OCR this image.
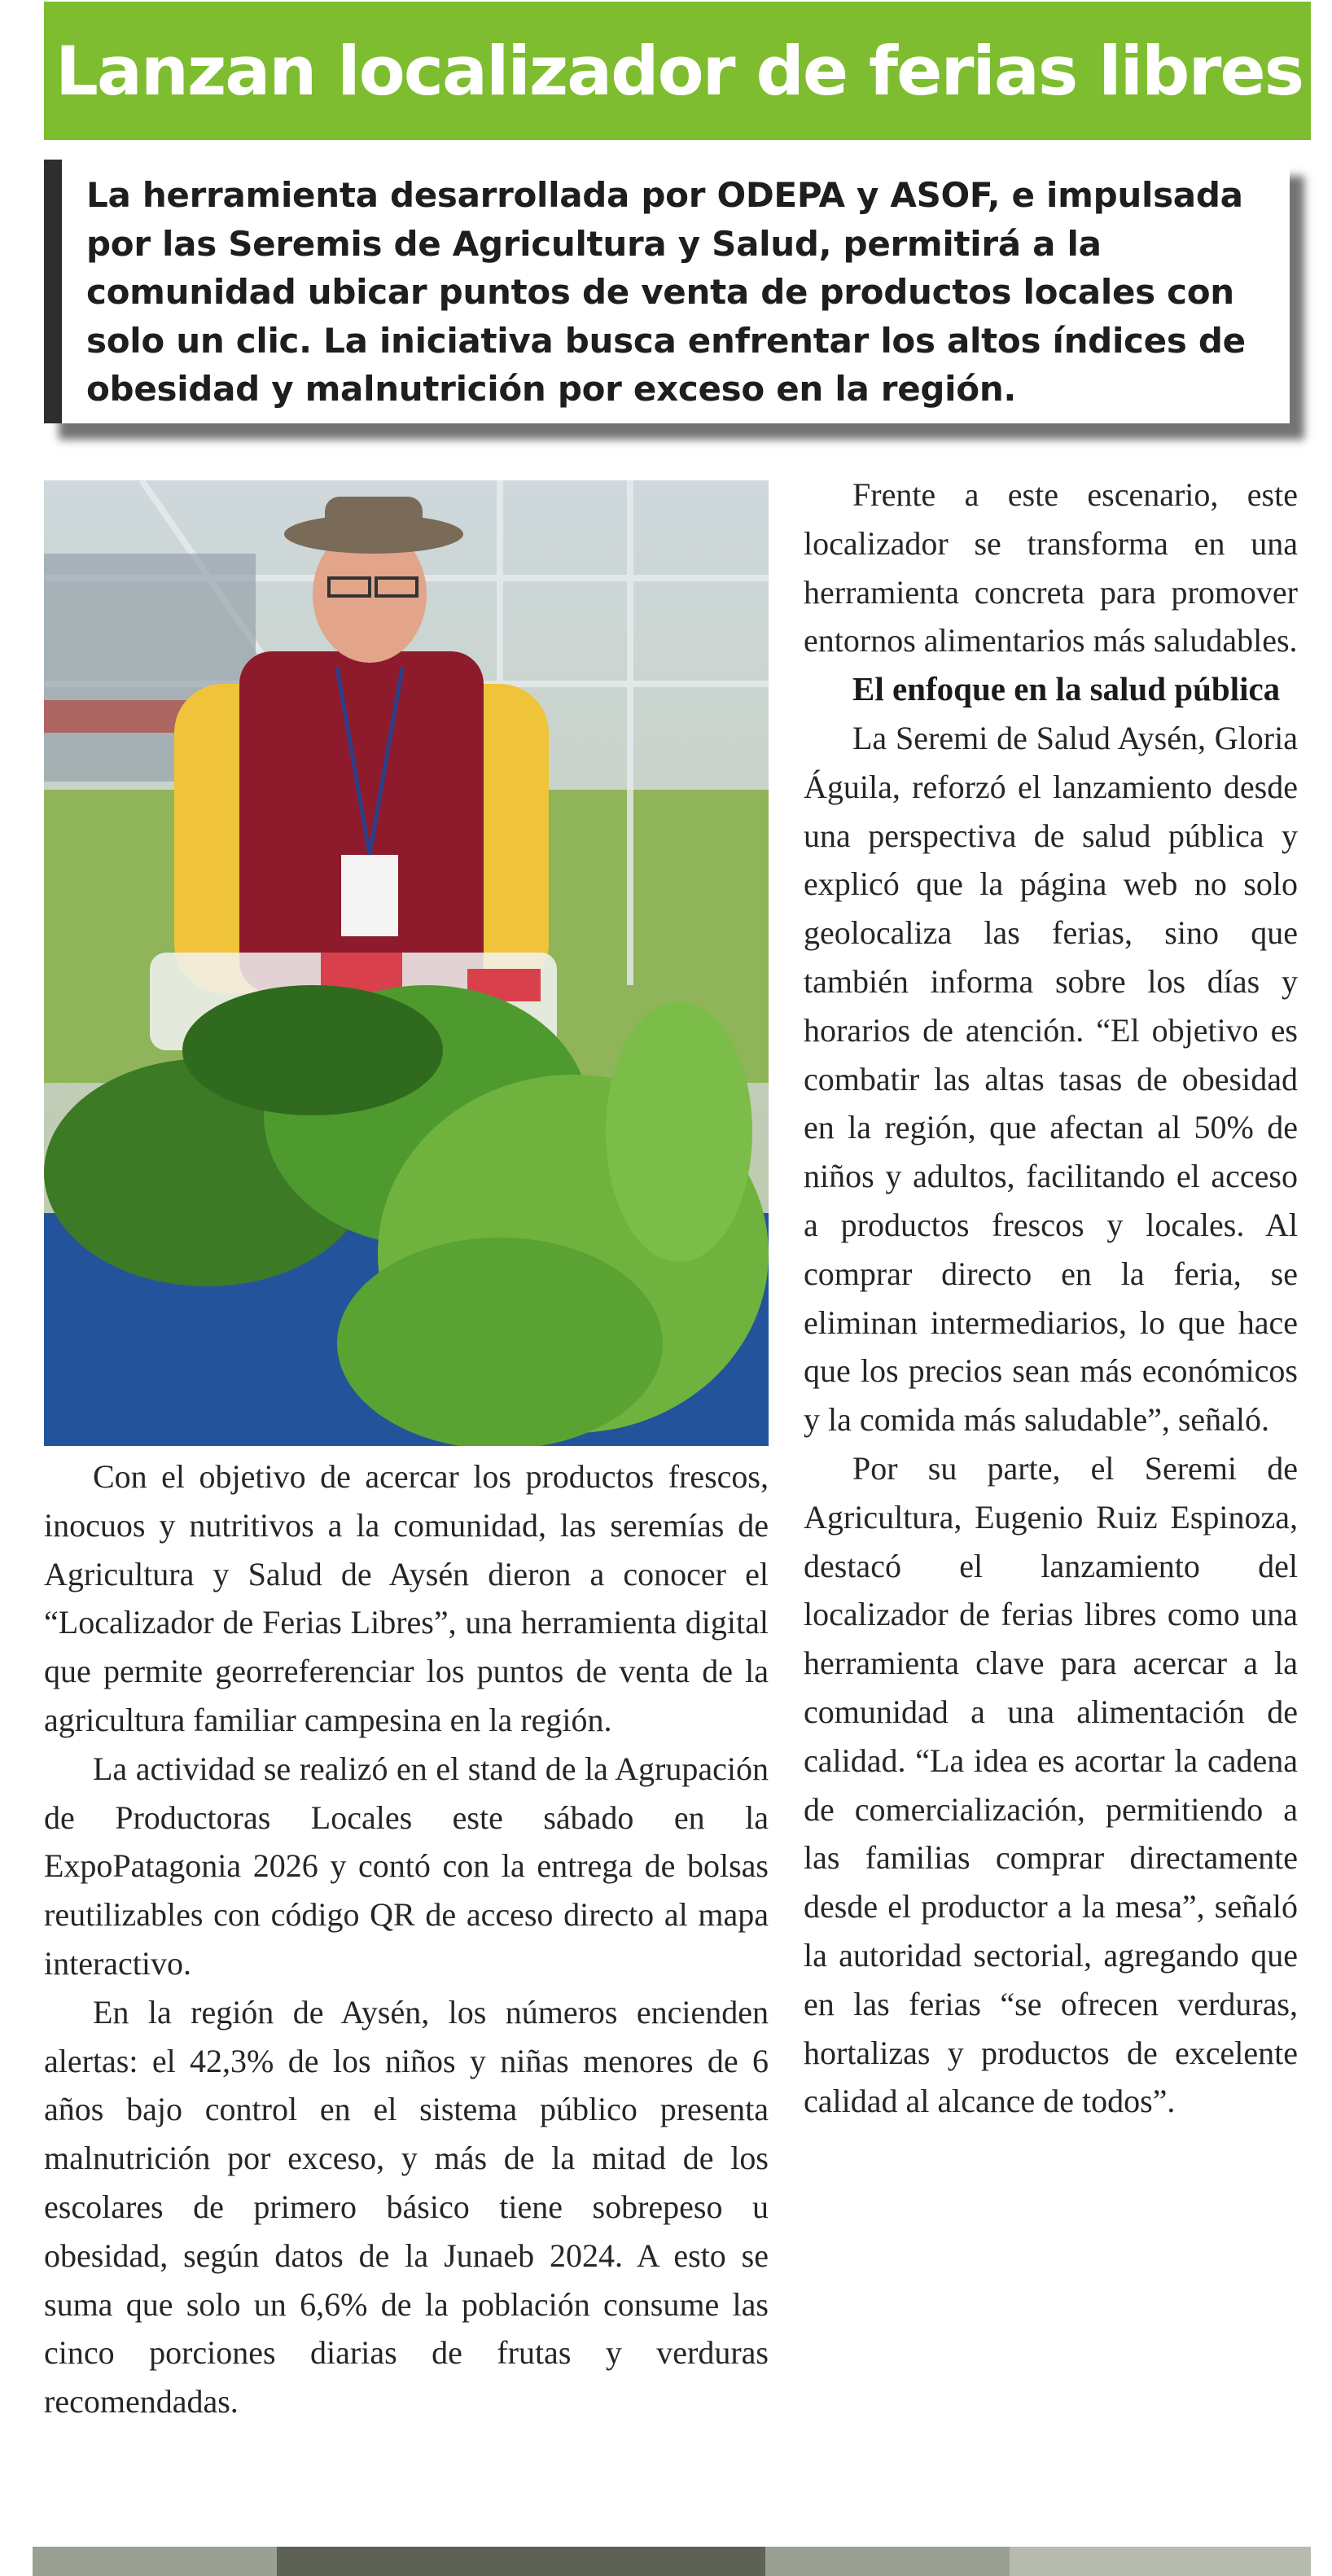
Lanzan localizador de ferias libres

La herramienta desarrollada por ODEPA y ASOF, e impulsada por las Seremis de Agricultura y Salud, permitirá a la comunidad ubicar puntos de venta de productos locales con solo un clic. La iniciativa busca enfrentar los altos índices de obesidad y malnutrición por exceso en la región.

Con el objetivo de acercar los productos frescos, inocuos y nutritivos a la comunidad, las seremías de Agricultura y Salud de Aysén dieron a conocer el “Localizador de Ferias Libres”, una herramienta digital que permite georreferenciar los puntos de venta de la agricultura familiar campesina en la región.

La actividad se realizó en el stand de la Agrupación de Productoras Locales este sábado en la ExpoPatagonia 2026 y contó con la entrega de bolsas reutilizables con código QR de acceso directo al mapa interactivo.

En la región de Aysén, los números encienden alertas: el 42,3% de los niños y niñas menores de 6 años bajo control en el sistema público presenta malnutrición por exceso, y más de la mitad de los escolares de primero básico tiene sobrepeso u obesidad, según datos de la Junaeb 2024. A esto se suma que solo un 6,6% de la población consume las cinco porciones diarias de frutas y verduras recomendadas.

Frente a este escenario, este localizador se transforma en una herramienta concreta para promover entornos alimentarios más saludables.

El enfoque en la salud pública

La Seremi de Salud Aysén, Gloria Águila, reforzó el lanzamiento desde una perspectiva de salud pública y explicó que la página web no solo geolocaliza las ferias, sino que también informa sobre los días y horarios de atención. “El objetivo es combatir las altas tasas de obesidad en la región, que afectan al 50% de niños y adultos, facilitando el acceso a productos frescos y locales. Al comprar directo en la feria, se eliminan intermediarios, lo que hace que los precios sean más económicos y la comida más saludable”, señaló.

Por su parte, el Seremi de Agricultura, Eugenio Ruiz Espinoza, destacó el lanzamiento del localizador de ferias libres como una herramienta clave para acercar a la comunidad a una alimentación de calidad. “La idea es acortar la cadena de comercialización, permitiendo a las familias comprar directamente desde el productor a la mesa”, señaló la autoridad sectorial, agregando que en las ferias “se ofrecen verduras, hortalizas y productos de excelente calidad al alcance de todos”.
